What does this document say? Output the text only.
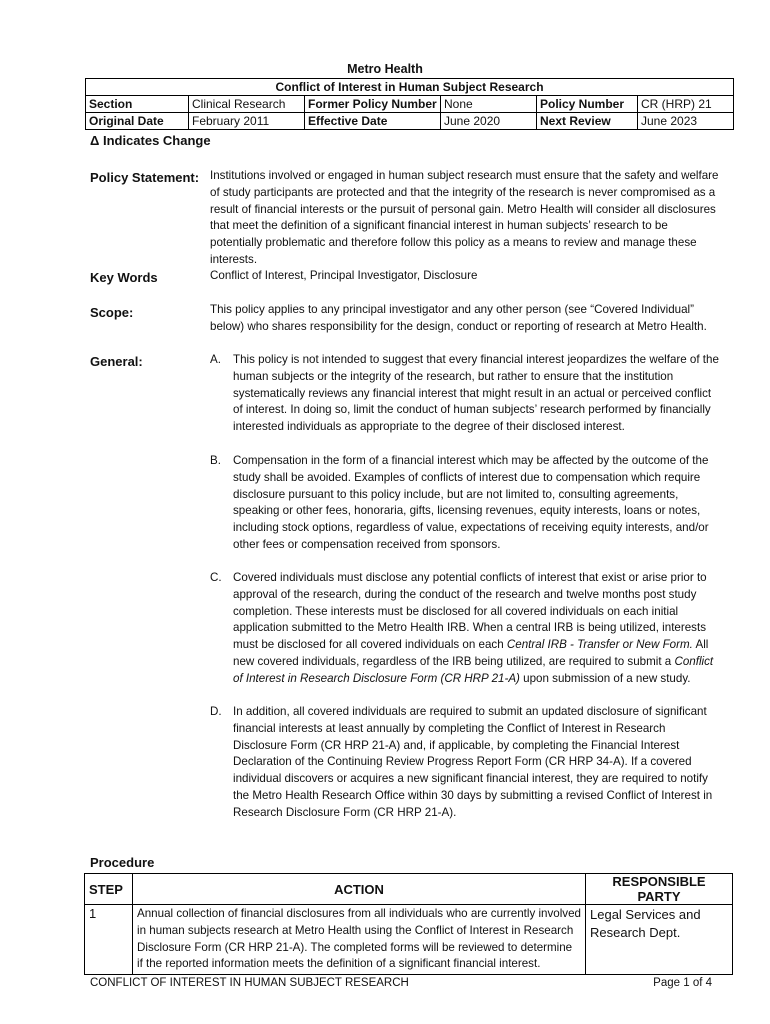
Metro Health
Conflict of Interest in Human Subject Research					
Section	Clinical Research	Former Policy Number	None	Policy Number	CR (HRP) 21
Original Date	February 2011	Effective Date	June 2020	Next Review	June 2023
Δ Indicates Change
Policy Statement: Institutions involved or engaged in human subject research must ensure that the safety and welfare of study participants are protected and that the integrity of the research is never compromised as a result of financial interests or the pursuit of personal gain. Metro Health will consider all disclosures that meet the definition of a significant financial interest in human subjects’ research to be potentially problematic and therefore follow this policy as a means to review and manage these interests.
Key Words	Conflict of Interest, Principal Investigator, Disclosure
Scope:	This policy applies to any principal investigator and any other person (see “Covered Individual” below) who shares responsibility for the design, conduct or reporting of research at Metro Health.
General:	A. This policy is not intended to suggest that every financial interest jeopardizes the welfare of the human subjects or the integrity of the research, but rather to ensure that the institution systematically reviews any financial interest that might result in an actual or perceived conflict of interest. In doing so, limit the conduct of human subjects’ research performed by financially interested individuals as appropriate to the degree of their disclosed interest.
B. Compensation in the form of a financial interest which may be affected by the outcome of the study shall be avoided. Examples of conflicts of interest due to compensation which require disclosure pursuant to this policy include, but are not limited to, consulting agreements, speaking or other fees, honoraria, gifts, licensing revenues, equity interests, loans or notes, including stock options, regardless of value, expectations of receiving equity interests, and/or other fees or compensation received from sponsors.
C. Covered individuals must disclose any potential conflicts of interest that exist or arise prior to approval of the research, during the conduct of the research and twelve months post study completion. These interests must be disclosed for all covered individuals on each initial application submitted to the Metro Health IRB. When a central IRB is being utilized, interests must be disclosed for all covered individuals on each Central IRB - Transfer or New Form. All new covered individuals, regardless of the IRB being utilized, are required to submit a Conflict of Interest in Research Disclosure Form (CR HRP 21-A) upon submission of a new study.
D. In addition, all covered individuals are required to submit an updated disclosure of significant financial interests at least annually by completing the Conflict of Interest in Research Disclosure Form (CR HRP 21-A) and, if applicable, by completing the Financial Interest Declaration of the Continuing Review Progress Report Form (CR HRP 34-A). If a covered individual discovers or acquires a new significant financial interest, they are required to notify the Metro Health Research Office within 30 days by submitting a revised Conflict of Interest in Research Disclosure Form (CR HRP 21-A).
Procedure
STEP	ACTION	RESPONSIBLE PARTY
1	Annual collection of financial disclosures from all individuals who are currently involved in human subjects research at Metro Health using the Conflict of Interest in Research Disclosure Form (CR HRP 21-A). The completed forms will be reviewed to determine if the reported information meets the definition of a significant financial interest.	Legal Services and Research Dept.
CONFLICT OF INTEREST IN HUMAN SUBJECT RESEARCH	Page 1 of 4
